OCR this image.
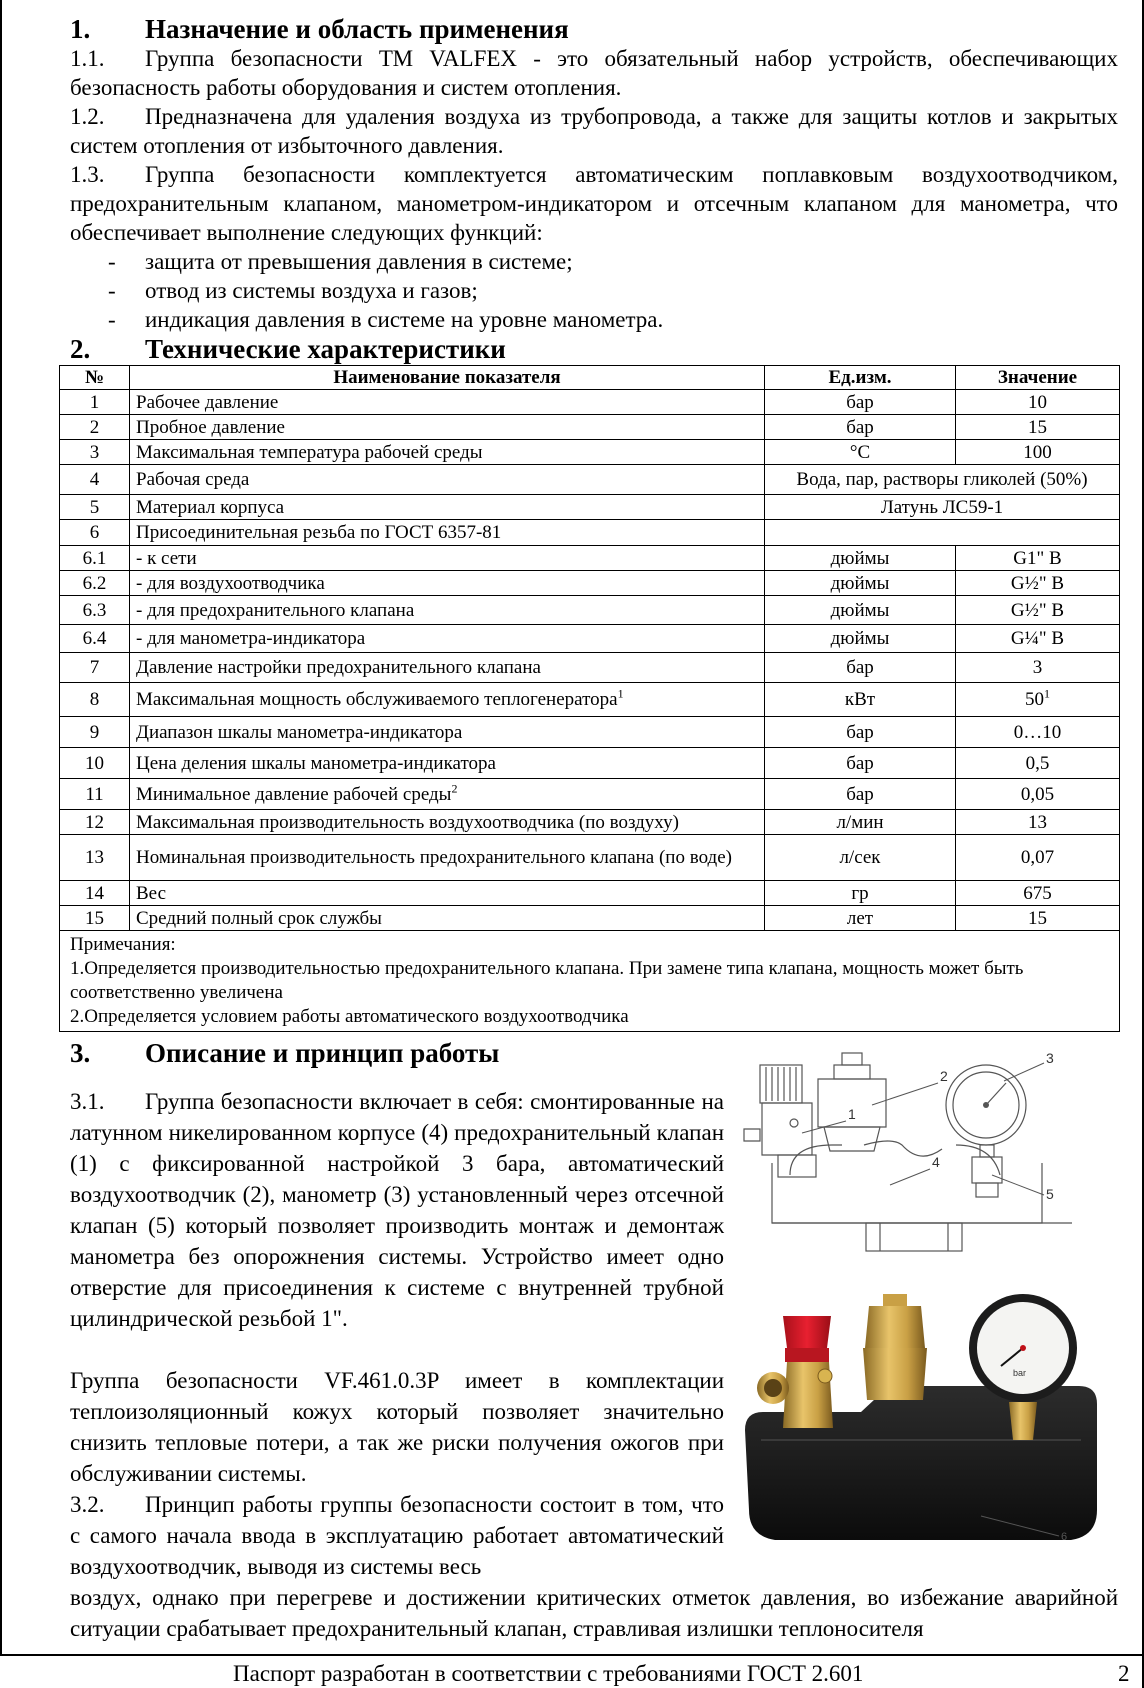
1. Назначение и область применения
1.1. Группа безопасности ТМ VALFEX - это обязательный набор устройств, обеспечивающих безопасность работы оборудования и систем отопления.
1.2. Предназначена для удаления воздуха из трубопровода, а также для защиты котлов и закрытых систем отопления от избыточного давления.
1.3. Группа безопасности комплектуется автоматическим поплавковым воздухоотводчиком, предохранительным клапаном, манометром-индикатором и отсечным клапаном для манометра, что обеспечивает выполнение следующих функций:
- защита от превышения давления в системе;
- отвод из системы воздуха и газов;
- индикация давления в системе на уровне манометра.
2. Технические характеристики
№	Наименование показателя	Ед.изм.	Значение
1	Рабочее давление	бар	10
2	Пробное давление	бар	15
3	Максимальная температура рабочей среды	°С	100
4	Рабочая среда	Вода, пар, растворы гликолей (50%)	
5	Материал корпуса	Латунь ЛС59-1	
6	Присоединительная резьба по ГОСТ 6357-81		
6.1	- к сети	дюймы	G1" В
6.2	- для воздухоотводчика	дюймы	G½" В
6.3	- для предохранительного клапана	дюймы	G½" В
6.4	- для манометра-индикатора	дюймы	G¼" В
7	Давление настройки предохранительного клапана	бар	3
8	Максимальная мощность обслуживаемого теплогенератора$^1$	кВт	$50^1$
9	Диапазон шкалы манометра-индикатора	бар	0…10
10	Цена деления шкалы манометра-индикатора	бар	0,5
11	Минимальное давление рабочей среды$^2$	бар	0,05
12	Максимальная производительность воздухоотводчика (по воздуху)	л/мин	13
13	Номинальная производительность предохранительного клапана (по воде)	л/сек	0,07
14	Вес	гр	675
15	Средний полный срок службы	лет	15

Примечания:
1.Определяется производительностью предохранительного клапана. При замене типа клапана, мощность может быть соответственно увеличена
2.Определяется условием работы автоматического воздухоотводчика			
3. Описание и принцип работы
3.1. Группа безопасности включает в себя: смонтированные на латунном никелированном корпусе (4) предохранительный клапан (1) с фиксированной настройкой 3 бара, автоматический воздухоотводчик (2), манометр (3) установленный через отсечной клапан (5) который позволяет производить монтаж и демонтаж манометра без опорожнения системы. Устройство имеет одно отверстие для присоединения к системе с внутренней трубной цилиндрической резьбой 1".
Группа безопасности VF.461.0.3P имеет в комплектации теплоизоляционный кожух который позволяет значительно снизить тепловые потери, а так же риски получения ожогов при обслуживании системы.
3.2. Принцип работы группы безопасности состоит в том, что с самого начала ввода в эксплуатацию работает автоматический воздухоотводчик, выводя из системы весь
воздух, однако при перегреве и достижении критических отметок давления, во избежание аварийной ситуации срабатывает предохранительный клапан, стравливая излишки теплоносителя
1
2
3
4
5
bar
6
Паспорт разработан в соответствии с требованиями ГОСТ 2.601	2
